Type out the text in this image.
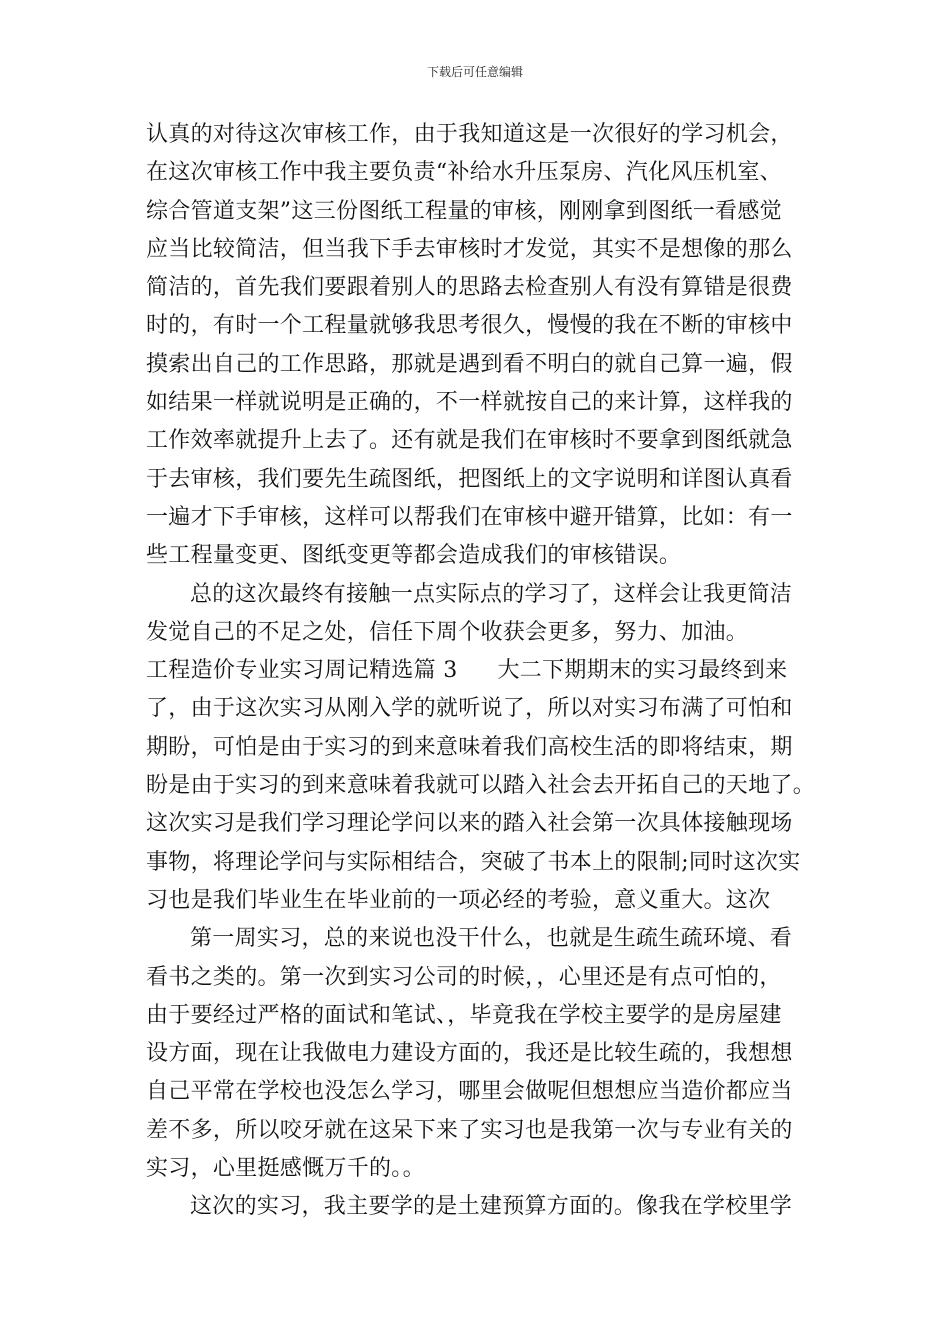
下载后可任意编辑
认真的对待这次审核工作，由于我知道这是一次很好的学习机会，
在这次审核工作中我主要负责“补给水升压泵房、汽化风压机室、
综合管道支架”这三份图纸工程量的审核，刚刚拿到图纸一看感觉
应当比较简洁，但当我下手去审核时才发觉，其实不是想像的那么
简洁的，首先我们要跟着别人的思路去检查别人有没有算错是很费
时的，有时一个工程量就够我思考很久，慢慢的我在不断的审核中
摸索出自己的工作思路，那就是遇到看不明白的就自己算一遍，假
如结果一样就说明是正确的，不一样就按自己的来计算，这样我的
工作效率就提升上去了。还有就是我们在审核时不要拿到图纸就急
于去审核，我们要先生疏图纸，把图纸上的文字说明和详图认真看
一遍才下手审核，这样可以帮我们在审核中避开错算，比如：有一
些工程量变更、图纸变更等都会造成我们的审核错误。
总的这次最终有接触一点实际点的学习了，这样会让我更简洁
发觉自己的不足之处，信任下周个收获会更多，努力、加油。
工程造价专业实习周记精选篇 3 大二下期期末的实习最终到来
了，由于这次实习从刚入学的就听说了，所以对实习布满了可怕和
期盼，可怕是由于实习的到来意味着我们高校生活的即将结束，期
盼是由于实习的到来意味着我就可以踏入社会去开拓自己的天地了。
这次实习是我们学习理论学问以来的踏入社会第一次具体接触现场
事物，将理论学问与实际相结合，突破了书本上的限制;同时这次实
习也是我们毕业生在毕业前的一项必经的考验，意义重大。这次
第一周实习，总的来说也没干什么，也就是生疏生疏环境、看
看书之类的。第一次到实习公司的时候，，心里还是有点可怕的，
由于要经过严格的面试和笔试、，毕竟我在学校主要学的是房屋建
设方面，现在让我做电力建设方面的，我还是比较生疏的，我想想
自己平常在学校也没怎么学习，哪里会做呢但想想应当造价都应当
差不多，所以咬牙就在这呆下来了实习也是我第一次与专业有关的
实习，心里挺感慨万千的。。
这次的实习，我主要学的是土建预算方面的。像我在学校里学
